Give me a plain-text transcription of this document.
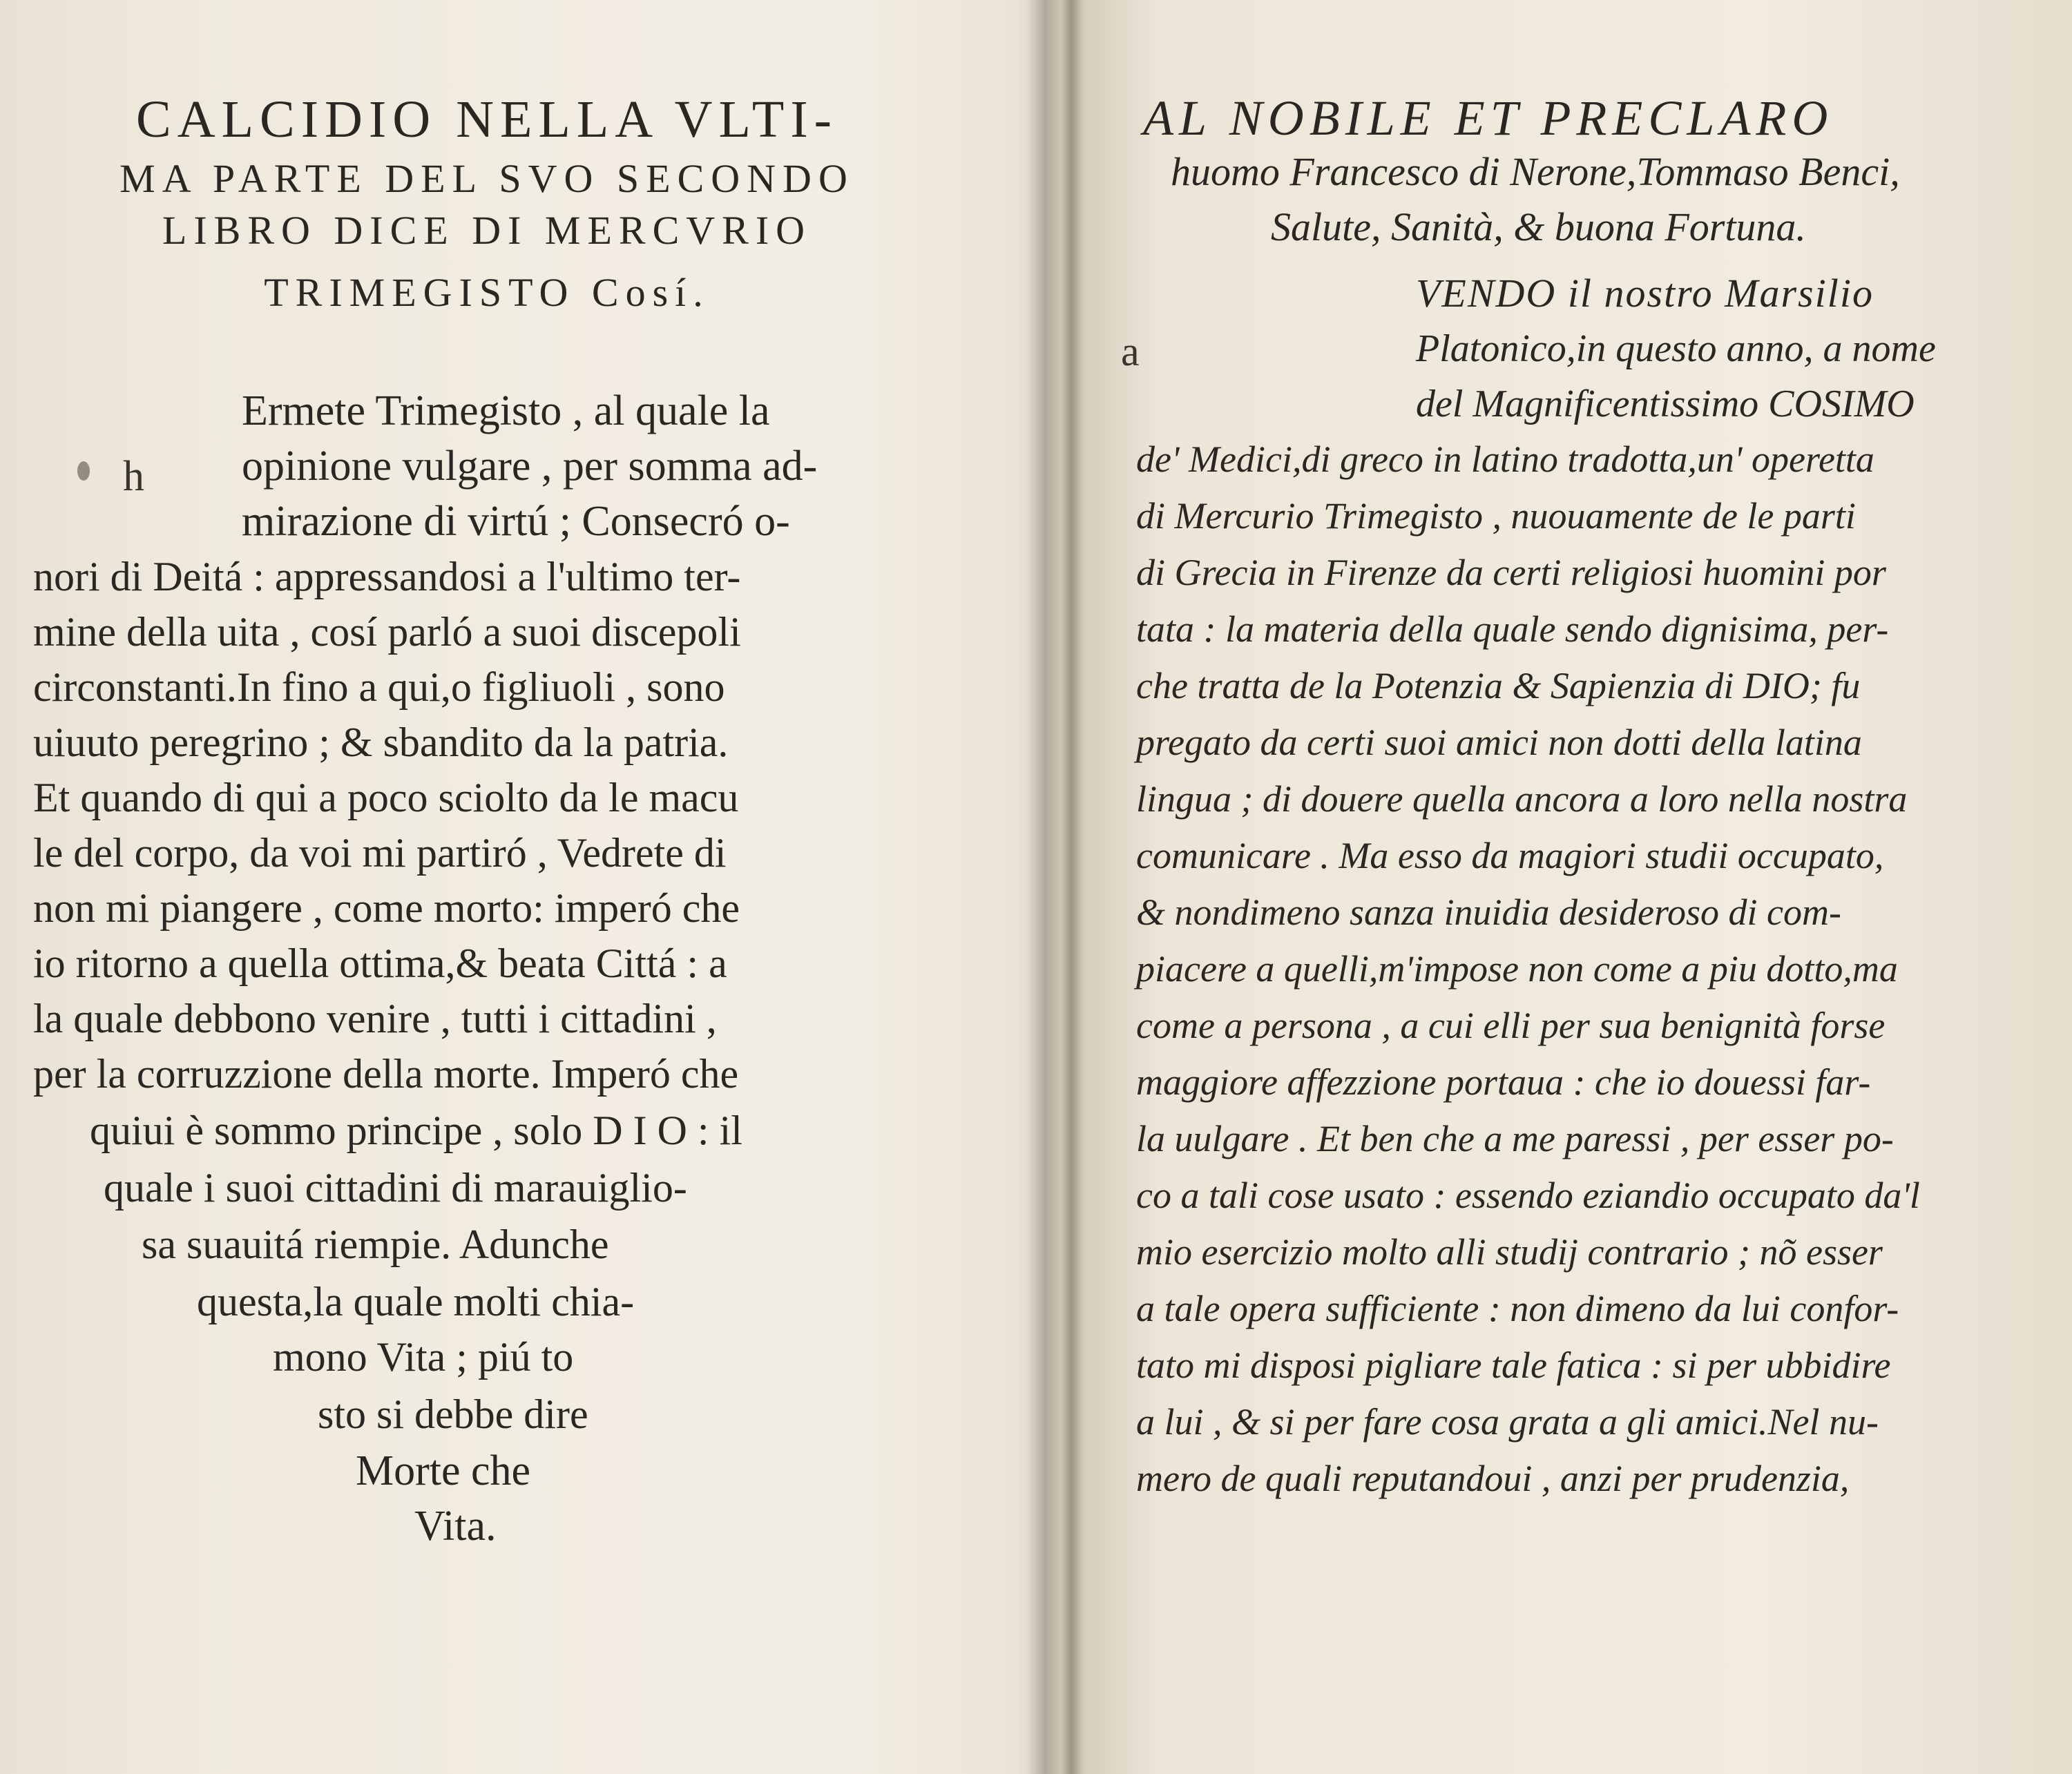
CALCIDIO NELLA VLTI-
MA PARTE DEL SVO SECONDO
LIBRO DICE DI MERCVRIO
TRIMEGISTO Cosí.
h
Ermete Trimegisto , al quale la
opinione vulgare , per somma ad-
mirazione di virtú ; Consecró o-
nori di Deitá : appressandosi a l'ultimo ter-
mine della uita , cosí parló a suoi discepoli
circonstanti.In fino a qui,o figliuoli , sono
uiuuto peregrino ; & sbandito da la patria.
Et quando di qui a poco sciolto da le macu
le del corpo, da voi mi partiró , Vedrete di
non mi piangere , come morto: imperó che
io ritorno a quella ottima,& beata Cittá : a
la quale debbono venire , tutti i cittadini ,
per la corruzzione della morte. Imperó che
quiui è sommo principe , solo D I O : il
quale i suoi cittadini di marauiglio-
sa suauitá riempie. Adunche
questa,la quale molti chia-
mono Vita ; piú to
sto si debbe dire
Morte che
Vita.
AL NOBILE ET PRECLARO
huomo Francesco di Nerone,Tommaso Benci,
Salute, Sanità, & buona Fortuna.
a
VENDO il nostro Marsilio
Platonico,in questo anno, a nome
del Magnificentissimo COSIMO
de' Medici,di greco in latino tradotta,un' operetta
di Mercurio Trimegisto , nuouamente de le parti
di Grecia in Firenze da certi religiosi huomini por
tata : la materia della quale sendo dignisima, per-
che tratta de la Potenzia & Sapienzia di DIO; fu
pregato da certi suoi amici non dotti della latina
lingua ; di douere quella ancora a loro nella nostra
comunicare . Ma esso da magiori studii occupato,
& nondimeno sanza inuidia desideroso di com-
piacere a quelli,m'impose non come a piu dotto,ma
come a persona , a cui elli per sua benignità forse
maggiore affezzione portaua : che io douessi far-
la uulgare . Et ben che a me paressi , per esser po-
co a tali cose usato : essendo eziandio occupato da'l
mio esercizio molto alli studij contrario ; nõ esser
a tale opera sufficiente : non dimeno da lui confor-
tato mi disposi pigliare tale fatica : si per ubbidire
a lui , & si per fare cosa grata a gli amici.Nel nu-
mero de quali reputandoui , anzi per prudenzia,
